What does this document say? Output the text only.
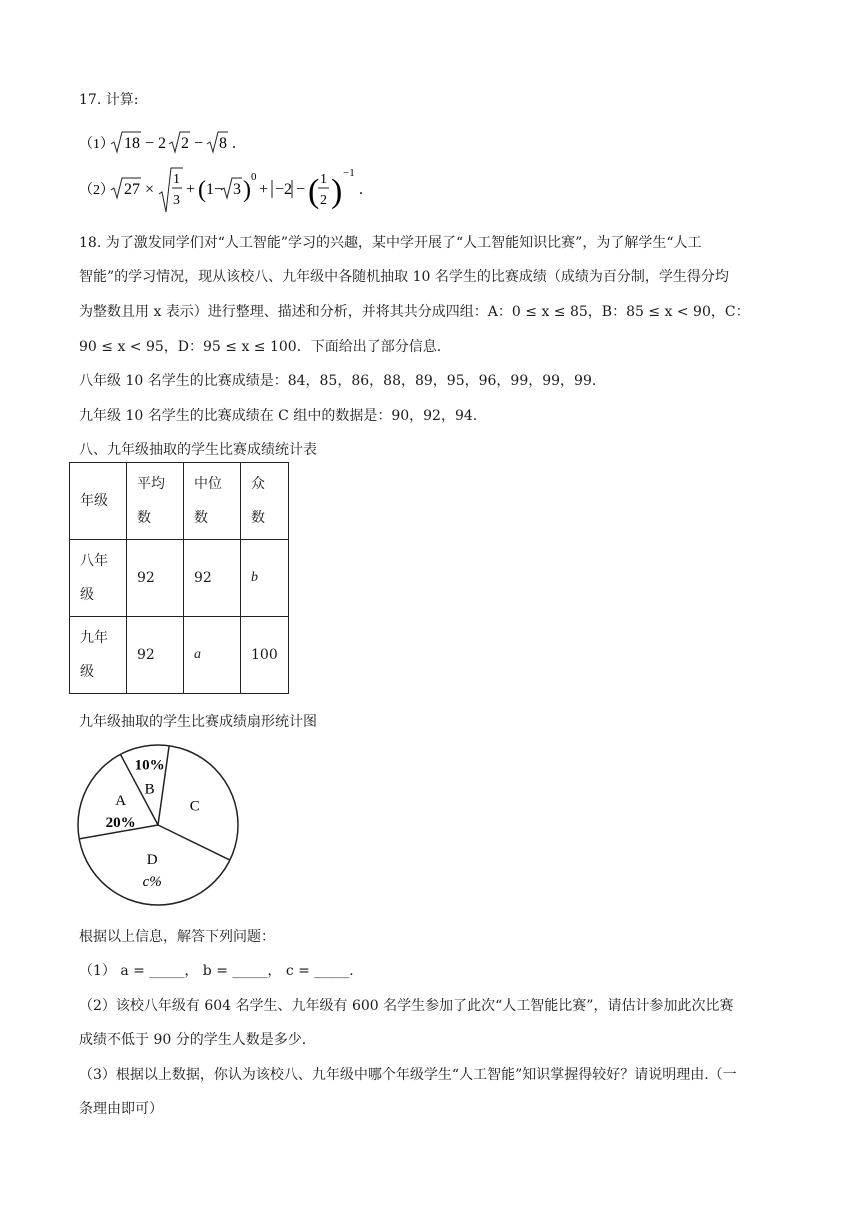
17. 计算:
（1） 18 − 2 2 − 8 .
（2） 27 ×
1
3
+ ( 1− 3 ) 0
+ −2 − ( 1
2 ) −1
.
18. 为了激发同学们对“人工智能”学习的兴趣，某中学开展了“人工智能知识比赛”，为了解学生“人工
智能”的学习情况，现从该校八、九年级中各随机抽取 10 名学生的比赛成绩（成绩为百分制，学生得分均
为整数且用 x 表示）进行整理、描述和分析，并将其共分成四组：A：0 ≤ x ≤ 85，B：85 ≤ x < 90，C：
90 ≤ x < 95，D：95 ≤ x ≤ 100．下面给出了部分信息.
八年级 10 名学生的比赛成绩是：84，85，86，88，89，95，96，99，99，99.
九年级 10 名学生的比赛成绩在 C 组中的数据是：90，92，94.
八、九年级抽取的学生比赛成绩统计表
年级	平均数	中位数	众数
八年级	92	92	b
九年级	92	a	100
九年级抽取的学生比赛成绩扇形统计图
20%
A
10%
B
C
c%
D
根据以上信息，解答下列问题：
（1） a = _____， b = _____， c = _____.
（2）该校八年级有 604 名学生、九年级有 600 名学生参加了此次“人工智能比赛”，请估计参加此次比赛
成绩不低于 90 分的学生人数是多少.
（3）根据以上数据，你认为该校八、九年级中哪个年级学生“人工智能”知识掌握得较好？请说明理由.（一
条理由即可）
